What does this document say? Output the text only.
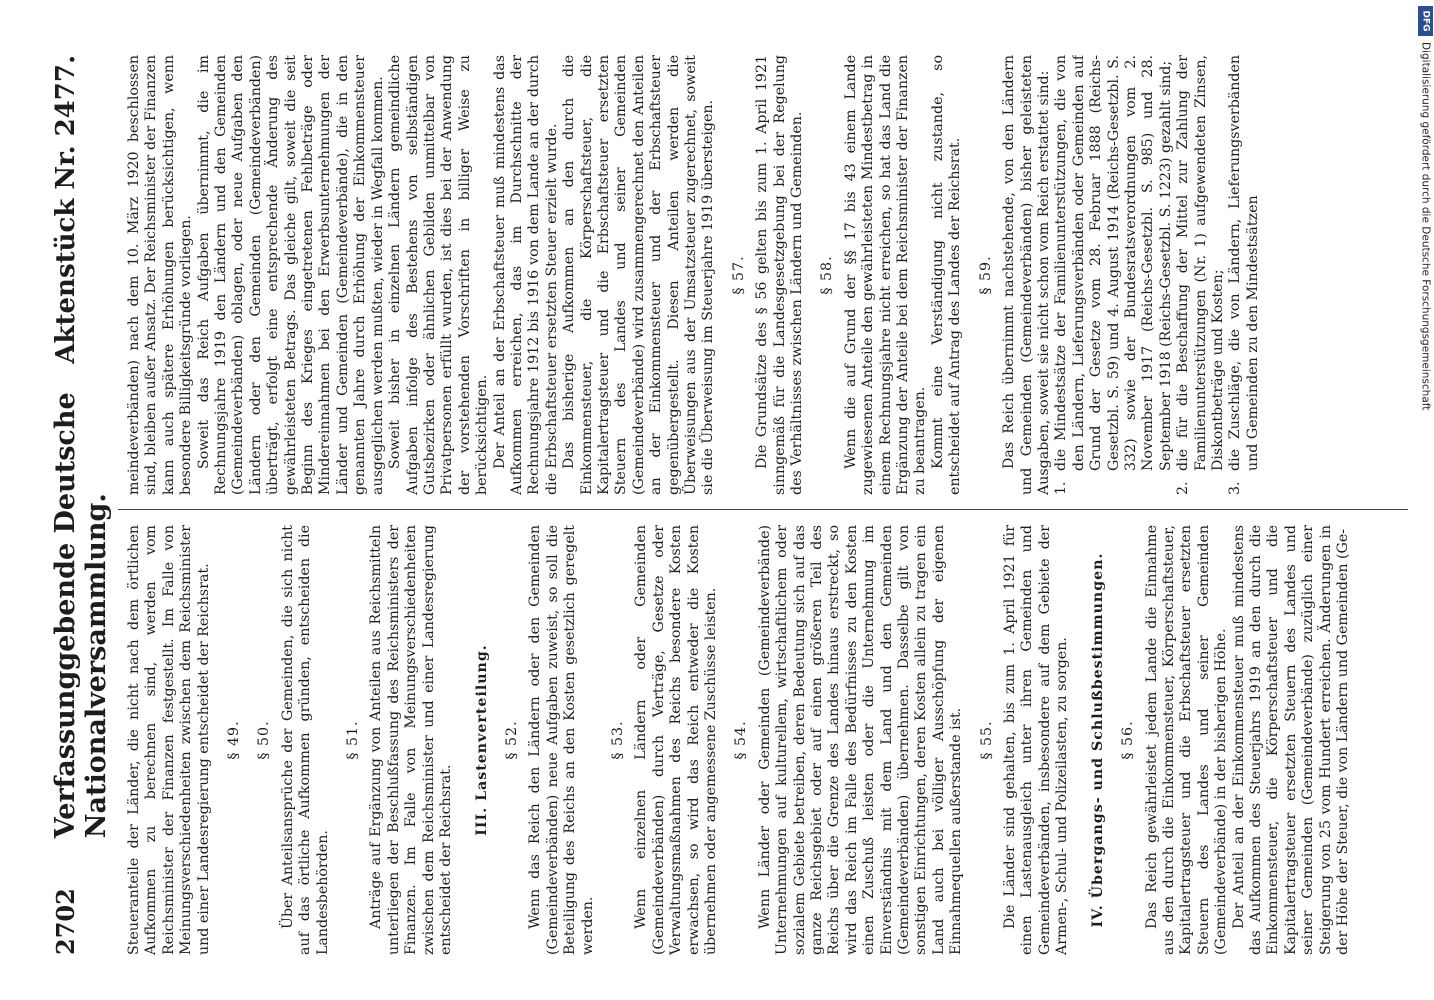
2702
Verfassunggebende Deutsche Nationalversammlung.
Aktenstück Nr. 2477.

Steueranteile der Länder, die nicht nach dem örtlichen Aufkommen zu berechnen sind, werden vom Reichsminister der Finanzen festgestellt. Im Falle von Meinungsverschiedenheiten zwischen dem Reichsminister und einer Landesregierung entscheidet der Reichsrat. § 49. § 50. Über Anteilsansprüche der Gemeinden, die sich nicht auf das örtliche Aufkommen gründen, entscheiden die Landesbehörden.

§ 51. Anträge auf Ergänzung von Anteilen aus Reichsmitteln unterliegen der Beschlußfassung des Reichsministers der Finanzen. Im Falle von Meinungsverschiedenheiten zwischen dem Reichsminister und einer Landesregierung entscheidet der Reichsrat.

III. Lastenverteilung. § 52. Wenn das Reich den Ländern oder den Gemeinden (Gemeindeverbänden) neue Aufgaben zuweist, so soll die Beteiligung des Reichs an den Kosten gesetzlich geregelt werden.

§ 53. Wenn einzelnen Ländern oder Gemeinden (Gemeindeverbänden) durch Verträge, Gesetze oder Verwaltungsmaßnahmen des Reichs besondere Kosten erwachsen, so wird das Reich entweder die Kosten übernehmen oder angemessene Zuschüsse leisten. § 54. Wenn Länder oder Gemeinden (Gemeindeverbände) Unternehmungen auf kulturellem, wirtschaftlichem oder sozialem Gebiete betreiben, deren Bedeutung sich auf das ganze Reichsgebiet oder auf einen größeren Teil des Reichs über die Grenze des Landes hinaus erstreckt, so wird das Reich im Falle des Bedürfnisses zu den Kosten einen Zuschuß leisten oder die Unternehmung im Einverständnis mit dem Land und den Gemeinden (Gemeindeverbänden) übernehmen. Dasselbe gilt von sonstigen Einrichtungen, deren Kosten allein zu tragen ein Land auch bei völliger Ausschöpfung der eigenen Einnahmequellen außerstande ist. § 55. Die Länder sind gehalten, bis zum 1. April 1921 für einen Lastenausgleich unter ihren Gemeinden und Gemeindeverbänden, insbesondere auf dem Gebiete der Armen-, Schul- und Polizeilasten, zu sorgen. IV. Übergangs- und Schlußbestimmungen. § 56. Das Reich gewährleistet jedem Lande die Einnahme aus den durch die Einkommensteuer, Körperschaftsteuer, Kapitalertragsteuer und die Erbschaftsteuer ersetzten Steuern des Landes und seiner Gemeinden (Gemeindeverbände) in der bisherigen Höhe. Der Anteil an der Einkommensteuer muß mindestens das Aufkommen des Steuerjahrs 1919 an den durch die Einkommensteuer, die Körperschaftsteuer und die Kapitalertragsteuer ersetzten Steuern des Landes und seiner Gemeinden (Gemeindeverbände) zuzüglich einer Steigerung von 25 vom Hundert erreichen. Änderungen in der Höhe der Steuer, die von Ländern und Gemeinden (Ge-

meindeverbänden) nach dem 10. März 1920 beschlossen sind, bleiben außer Ansatz. Der Reichsminister der Finanzen kann auch spätere Erhöhungen berücksichtigen, wenn besondere Billigkeitsgründe vorliegen. Soweit das Reich Aufgaben übernimmt, die im Rechnungsjahre 1919 den Ländern und den Gemeinden (Gemeindeverbänden) oblagen, oder neue Aufgaben den Ländern oder den Gemeinden (Gemeindeverbänden) überträgt, erfolgt eine entsprechende Änderung des gewährleisteten Betrags. Das gleiche gilt, soweit die seit Beginn des Krieges eingetretenen Fehlbeträge oder Mindereinnahmen bei den Erwerbsunternehmungen der Länder und Gemeinden (Gemeindeverbände), die in den genannten Jahre durch Erhöhung der Einkommensteuer ausgeglichen werden mußten, wieder in Wegfall kommen. Soweit bisher in einzelnen Ländern gemeindliche Aufgaben infolge des Bestehens von selbständigen Gutsbezirken oder ähnlichen Gebilden unmittelbar von Privatpersonen erfüllt wurden, ist dies bei der Anwendung der vorstehenden Vorschriften in billiger Weise zu berücksichtigen. Der Anteil an der Erbschaftsteuer muß mindestens das Aufkommen erreichen, das im Durchschnitte der Rechnungsjahre 1912 bis 1916 von dem Lande an der durch die Erbschaftsteuer ersetzten Steuer erzielt wurde. Das bisherige Aufkommen an den durch die Einkommensteuer, die Körperschaftsteuer, die Kapitalertragsteuer und die Erbschaftsteuer ersetzten Steuern des Landes und seiner Gemeinden (Gemeindeverbände) wird zusammengerechnet den Anteilen an der Einkommensteuer und der Erbschaftsteuer gegenübergestellt. Diesen Anteilen werden die Überweisungen aus der Umsatzsteuer zugerechnet, soweit sie die Überweisung im Steuerjahre 1919 übersteigen. § 57. Die Grundsätze des § 56 gelten bis zum 1. April 1921 sinngemäß für die Landesgesetzgebung bei der Regelung des Verhältnisses zwischen Ländern und Gemeinden. § 58. Wenn die auf Grund der §§ 17 bis 43 einem Lande zugewiesenen Anteile den gewährleisteten Mindestbetrag in einem Rechnungsjahre nicht erreichen, so hat das Land die Ergänzung der Anteile bei dem Reichsminister der Finanzen zu beantragen. Kommt eine Verständigung nicht zustande, so entscheidet auf Antrag des Landes der Reichsrat. § 59. Das Reich übernimmt nachstehende, von den Ländern und Gemeinden (Gemeindeverbänden) bisher geleisteten Ausgaben, soweit sie nicht schon vom Reich erstattet sind: 1.
die Mindestsätze der Familienunterstützungen, die von den Ländern, Lieferungsverbänden oder Gemeinden auf Grund der Gesetze vom 28. Februar 1888 (Reichs-Gesetzbl. S. 59) und 4. August 1914 (Reichs-Gesetzbl. S. 332) sowie der Bundesratsverordnungen vom 2. November 1917 (Reichs-Gesetzbl. S. 985) und 28. September 1918 (Reichs-Gesetzbl. S. 1223) gezahlt sind;
2.
die für die Beschaffung der Mittel zur Zahlung der Familienunterstützungen (Nr. 1) aufgewendeten Zinsen, Diskontbeträge und Kosten;
3.
die Zuschläge, die von Ländern, Lieferungsverbänden und Gemeinden zu den Mindestsätzen
DFG
Digitalisierung gefördert durch die Deutsche Forschungsgemeinschaft
